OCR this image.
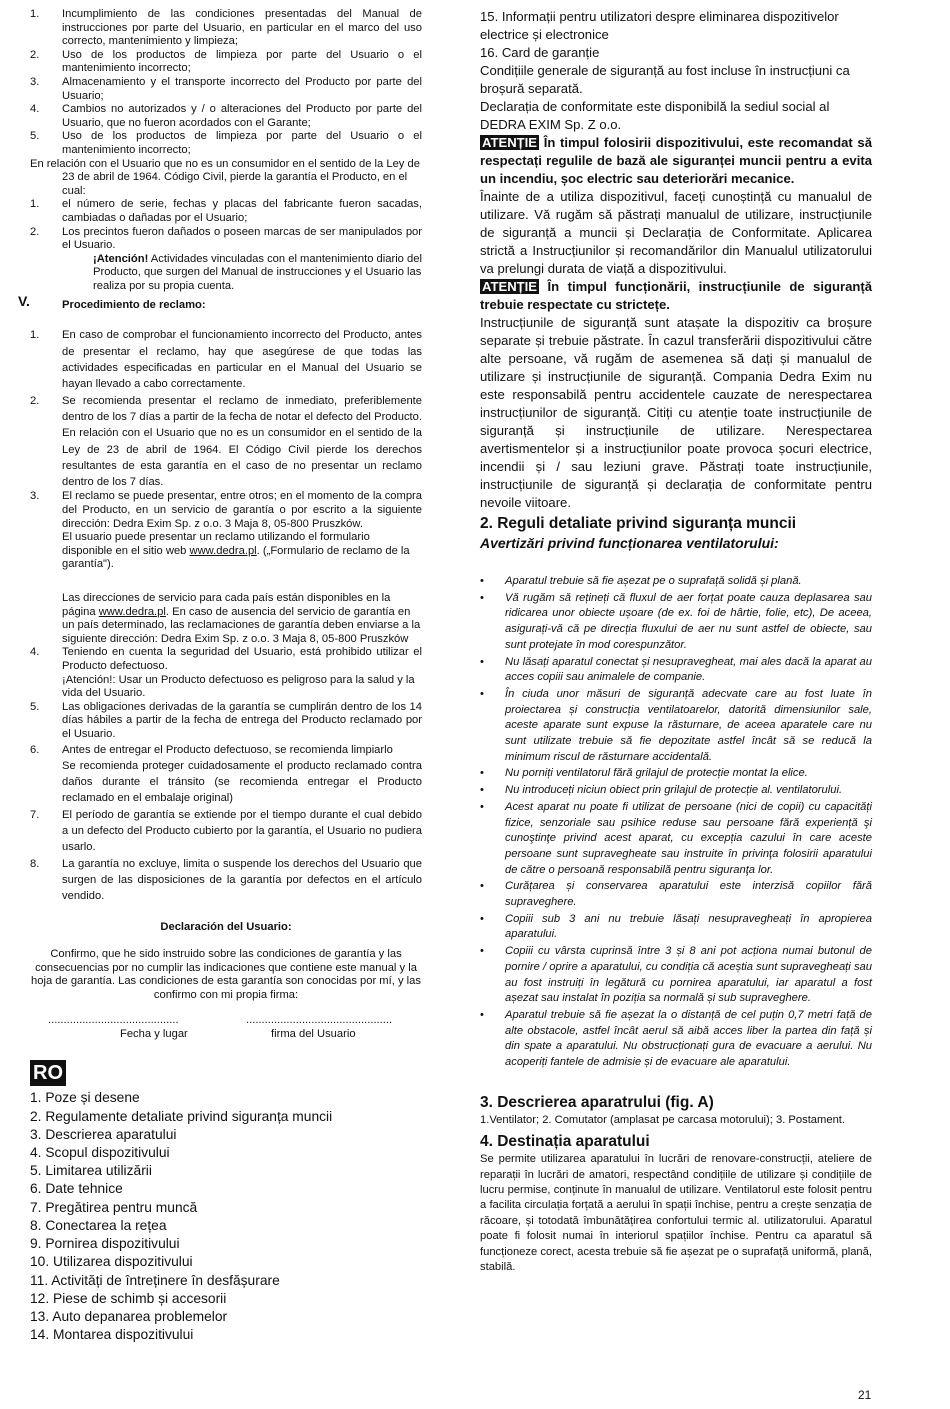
1. Incumplimiento de las condiciones presentadas del Manual de instrucciones por parte del Usuario, en particular en el marco del uso correcto, mantenimiento y limpieza;
2. Uso de los productos de limpieza por parte del Usuario o el mantenimiento incorrecto;
3. Almacenamiento y el transporte incorrecto del Producto por parte del Usuario;
4. Cambios no autorizados y / o alteraciones del Producto por parte del Usuario, que no fueron acordados con el Garante;
5. Uso de los productos de limpieza por parte del Usuario o el mantenimiento incorrecto;
En relación con el Usuario que no es un consumidor en el sentido de la Ley de 23 de abril de 1964. Código Civil, pierde la garantía el Producto, en el cual:
1. el número de serie, fechas y placas del fabricante fueron sacadas, cambiadas o dañadas por el Usuario;
2. Los precintos fueron dañados o poseen marcas de ser manipulados por el Usuario.
¡Atención! Actividades vinculadas con el mantenimiento diario del Producto, que surgen del Manual de instrucciones y el Usuario las realiza por su propia cuenta.
V.	Procedimiento de reclamo:
1. En caso de comprobar el funcionamiento incorrecto del Producto, antes de presentar el reclamo, hay que asegúrese de que todas las actividades especificadas en particular en el Manual del Usuario se hayan llevado a cabo correctamente.
2. Se recomienda presentar el reclamo de inmediato, preferiblemente dentro de los 7 días a partir de la fecha de notar el defecto del Producto. En relación con el Usuario que no es un consumidor en el sentido de la Ley de 23 de abril de 1964. El Código Civil pierde los derechos resultantes de esta garantía en el caso de no presentar un reclamo dentro de los 7 días.
3. El reclamo se puede presentar, entre otros; en el momento de la compra del Producto, en un servicio de garantía o por escrito a la siguiente dirección: Dedra Exim Sp. z o.o. 3 Maja 8, 05-800 Pruszków.
El usuario puede presentar un reclamo utilizando el formulario disponible en el sitio web www.dedra.pl. („Formulario de reclamo de la garantía").
Las direcciones de servicio para cada país están disponibles en la página www.dedra.pl. En caso de ausencia del servicio de garantía en un país determinado, las reclamaciones de garantía deben enviarse a la siguiente dirección: Dedra Exim Sp. z o.o. 3 Maja 8, 05-800 Pruszków
4. Teniendo en cuenta la seguridad del Usuario, está prohibido utilizar el Producto defectuoso.
¡Atención!: Usar un Producto defectuoso es peligroso para la salud y la vida del Usuario.
5. Las obligaciones derivadas de la garantía se cumplirán dentro de los 14 días hábiles a partir de la fecha de entrega del Producto reclamado por el Usuario.
6. Antes de entregar el Producto defectuoso, se recomienda limpiarlo
Se recomienda proteger cuidadosamente el producto reclamado contra daños durante el tránsito (se recomienda entregar el Producto reclamado en el embalaje original)
7. El período de garantía se extiende por el tiempo durante el cual debido a un defecto del Producto cubierto por la garantía, el Usuario no pudiera usarlo.
8. La garantía no excluye, limita o suspende los derechos del Usuario que surgen de las disposiciones de la garantía por defectos en el artículo vendido.
Declaración del Usuario:
Confirmo, que he sido instruido sobre las condiciones de garantía y las consecuencias por no cumplir las indicaciones que contiene este manual y la hoja de garantía. Las condiciones de esta garantía son conocidas por mí, y las confirmo con mi propia firma:
..........................................	...............................................
Fecha y lugar	firma del Usuario
RO
1. Poze și desene
2. Regulamente detaliate privind siguranța muncii
3. Descrierea aparatului
4. Scopul dispozitivului
5. Limitarea utilizării
6. Date tehnice
7. Pregătirea pentru muncă
8. Conectarea la rețea
9. Pornirea dispozitivului
10. Utilizarea dispozitivului
11. Activități de întreținere în desfășurare
12. Piese de schimb și accesorii
13. Auto depanarea problemelor
14. Montarea dispozitivului
15. Informații pentru utilizatori despre eliminarea dispozitivelor electrice și electronice
16. Card de garanție
Condițiile generale de siguranță au fost incluse în instrucțiuni ca broșură separată.
Declarația de conformitate este disponibilă la sediul social al DEDRA EXIM Sp. Z o.o.
ATENȚIE În timpul folosirii dispozitivului, este recomandat să respectați regulile de bază ale siguranței muncii pentru a evita un incendiu, șoc electric sau deteriorări mecanice.
Înainte de a utiliza dispozitivul, faceți cunoștință cu manualul de utilizare. Vă rugăm să păstrați manualul de utilizare, instrucțiunile de siguranță a muncii și Declarația de Conformitate. Aplicarea strictă a Instrucțiunilor și recomandărilor din Manualul utilizatorului va prelungi durata de viață a dispozitivului.
ATENȚIE În timpul funcționării, instrucțiunile de siguranță trebuie respectate cu strictețe.
Instrucțiunile de siguranță sunt atașate la dispozitiv ca broșure separate și trebuie păstrate. În cazul transferării dispozitivului către alte persoane, vă rugăm de asemenea să dați și manualul de utilizare și instrucțiunile de siguranță. Compania Dedra Exim nu este responsabilă pentru accidentele cauzate de nerespectarea instrucțiunilor de siguranță. Citiți cu atenție toate instrucțiunile de siguranță și instrucțiunile de utilizare. Nerespectarea avertismentelor și a instrucțiunilor poate provoca șocuri electrice, incendii și / sau leziuni grave. Păstrați toate instrucțiunile, instrucțiunile de siguranță și declarația de conformitate pentru nevoile viitoare.
2. Reguli detaliate privind siguranța muncii
Avertizări privind funcționarea ventilatorului:
• Aparatul trebuie să fie așezat pe o suprafață solidă și plană.
• Vă rugăm să rețineți că fluxul de aer forțat poate cauza deplasarea sau ridicarea unor obiecte ușoare (de ex. foi de hârtie, folie, etc), De aceea, asigurați-vă că pe direcția fluxului de aer nu sunt astfel de obiecte, sau sunt protejate în mod corespunzător.
• Nu lăsați aparatul conectat și nesupravegheat, mai ales dacă la aparat au acces copiii sau animalele de companie.
• În ciuda unor măsuri de siguranță adecvate care au fost luate în proiectarea și construcția ventilatoarelor, datorită dimensiunilor sale, aceste aparate sunt expuse la răsturnare, de aceea aparatele care nu sunt utilizate trebuie să fie depozitate astfel încât să se reducă la minimum riscul de răsturnare accidentală.
• Nu porniți ventilatorul fără grilajul de protecție montat la elice.
• Nu introduceți niciun obiect prin grilajul de protecție al. ventilatorului.
• Acest aparat nu poate fi utilizat de persoane (nici de copii) cu capacități fizice, senzoriale sau psihice reduse sau persoane fără experiență şi cunoştinţe privind acest aparat, cu excepția cazului în care aceste persoane sunt supravegheate sau instruite în privinţa folosirii aparatului de către o persoană responsabilă pentru siguranţa lor.
• Curățarea și conservarea aparatului este interzisă copiilor fără supraveghere.
• Copiii sub 3 ani nu trebuie lăsați nesupravegheați în apropierea aparatului.
• Copiii cu vârsta cuprinsă între 3 și 8 ani pot acționa numai butonul de pornire / oprire a aparatului, cu condiția că aceștia sunt supravegheați sau au fost instruiți în legătură cu pornirea aparatului, iar aparatul a fost așezat sau instalat în poziția sa normală și sub supraveghere.
• Aparatul trebuie să fie așezat la o distanță de cel puțin 0,7 metri față de alte obstacole, astfel încât aerul să aibă acces liber la partea din față și din spate a aparatului. Nu obstrucționați gura de evacuare a aerului. Nu acoperiți fantele de admisie și de evacuare ale aparatului.
3. Descrierea aparatrului (fig. A)
1.Ventilator; 2. Comutator (amplasat pe carcasa motorului); 3. Postament.
4. Destinația aparatului
Se permite utilizarea aparatului în lucrări de renovare-construcții, ateliere de reparații în lucrări de amatori, respectând condițiile de utilizare și condițiile de lucru permise, conținute în manualul de utilizare. Ventilatorul este folosit pentru a facilita circulația forțată a aerului în spații închise, pentru a crește senzația de răcoare, și totodată îmbunătățirea confortului termic al. utilizatorului. Aparatul poate fi folosit numai în interiorul spațiilor închise. Pentru ca aparatul să funcționeze corect, acesta trebuie să fie așezat pe o suprafață uniformă, plană, stabilă.
21
